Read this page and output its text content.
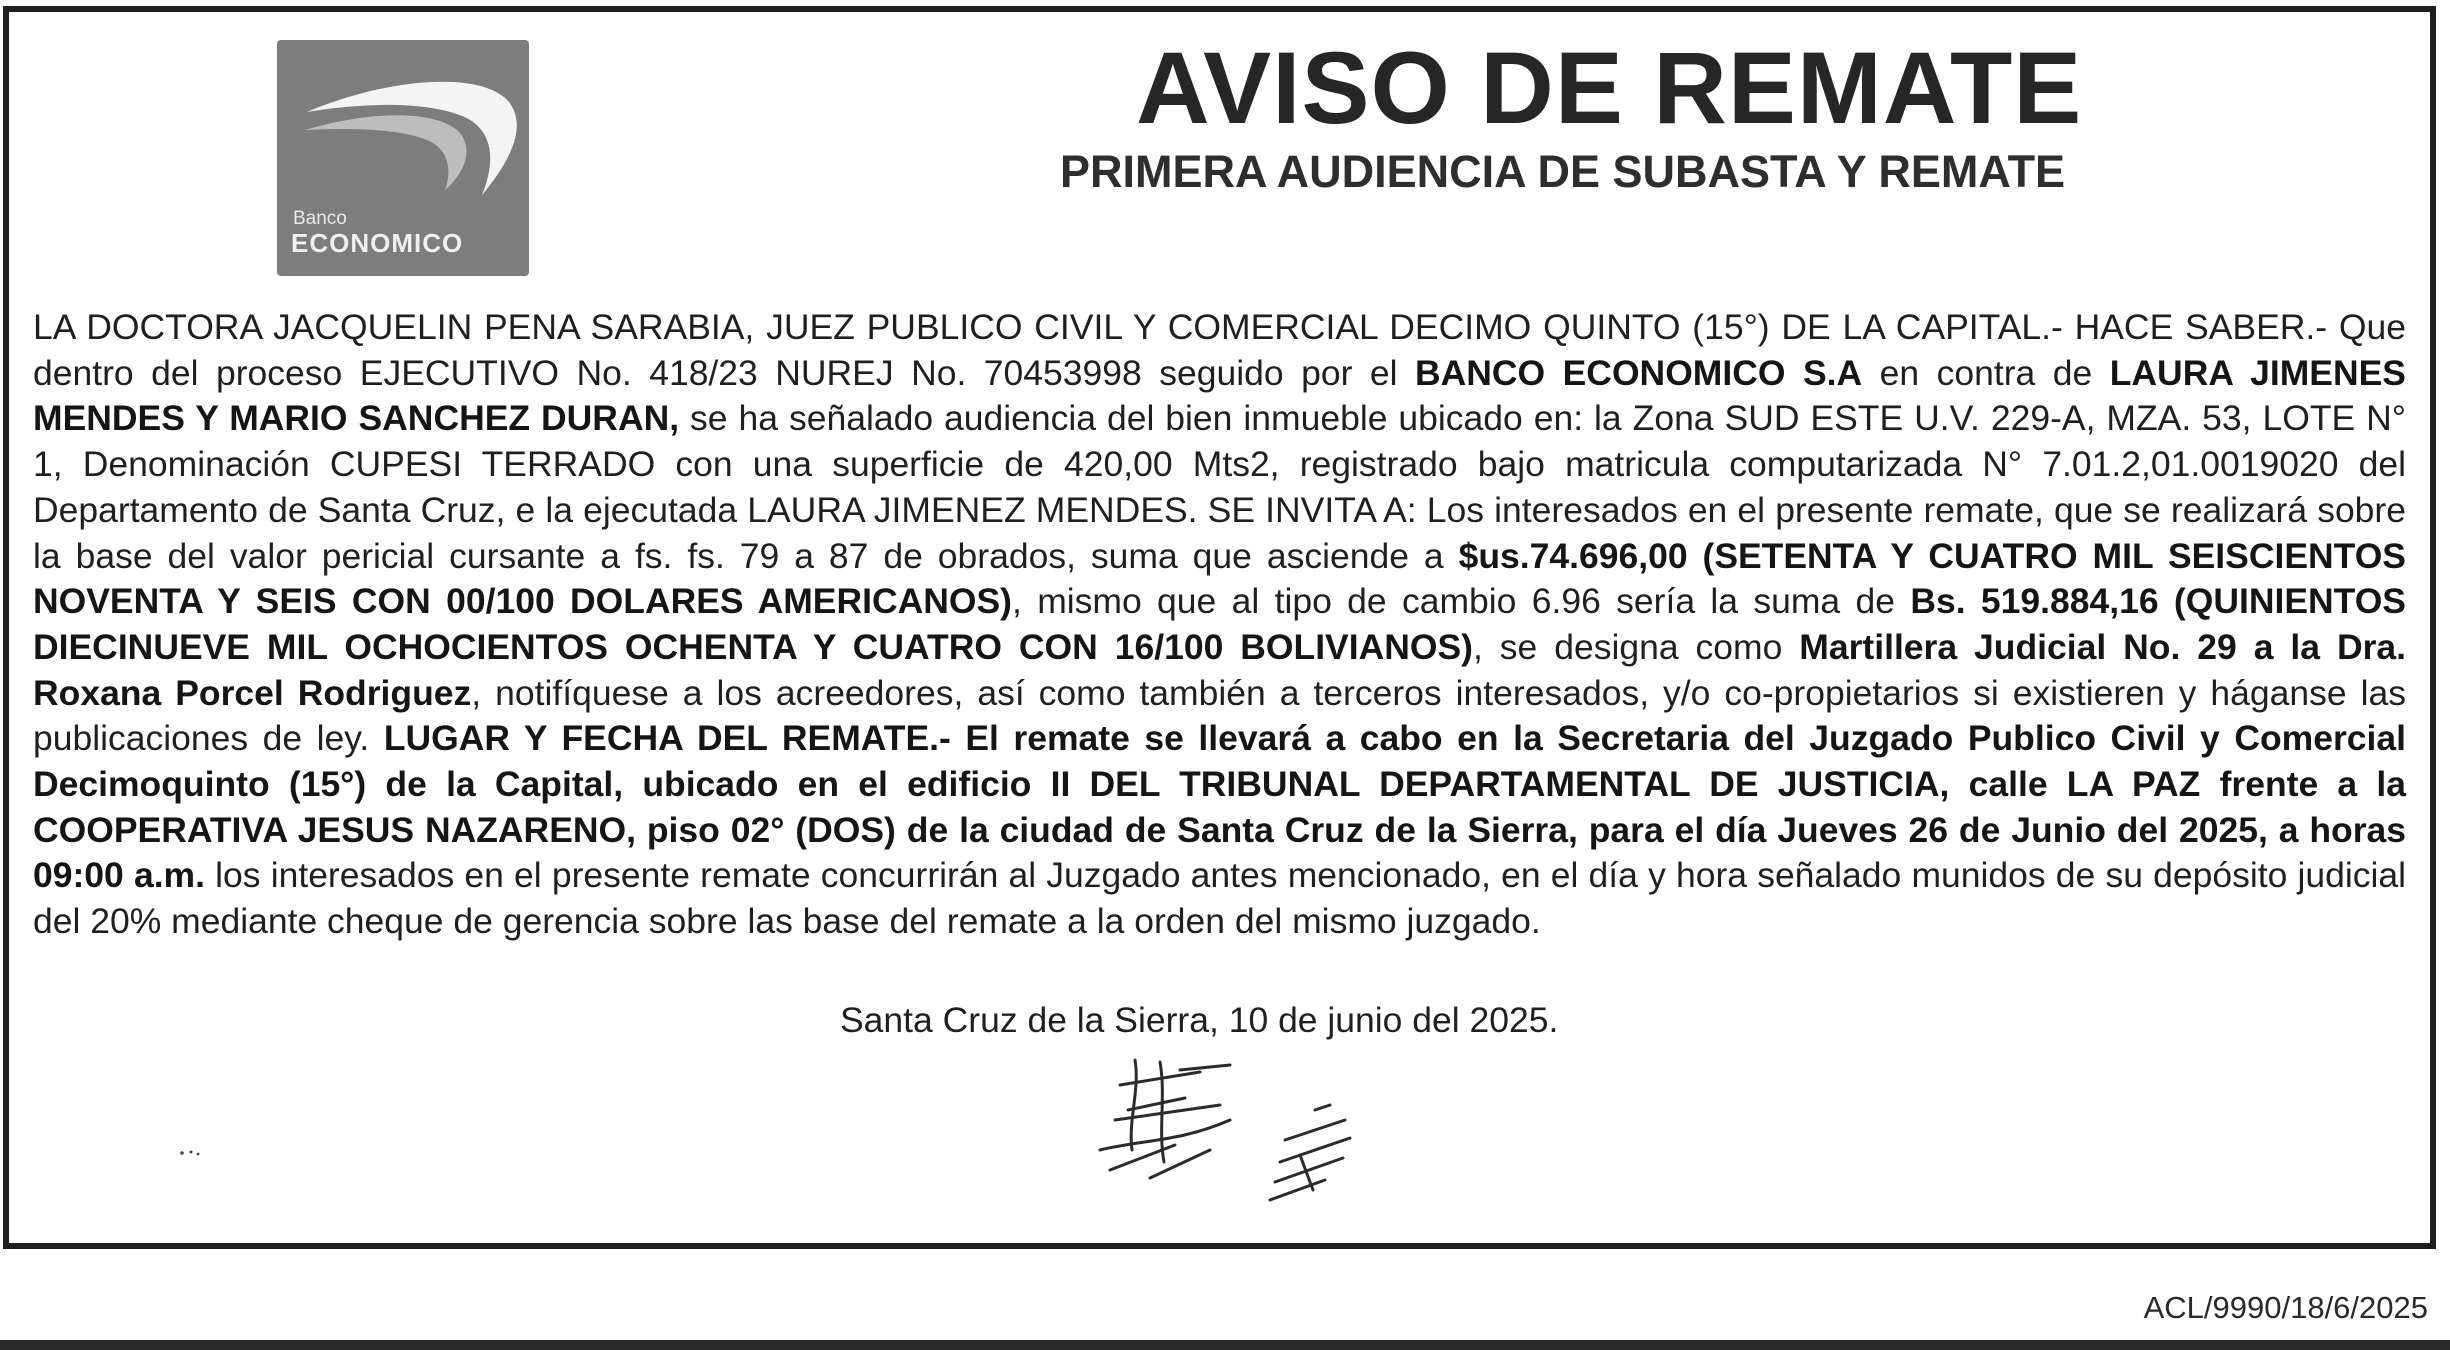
Banco
ECONOMICO
AVISO DE REMATE
PRIMERA AUDIENCIA DE SUBASTA Y REMATE

LA DOCTORA JACQUELIN PENA SARABIA, JUEZ PUBLICO CIVIL Y COMERCIAL DECIMO QUINTO (15°) DE LA CAPITAL.- HACE SABER.- Que dentro del proceso EJECUTIVO No. 418/23 NUREJ No. 70453998 seguido por el BANCO ECONOMICO S.A en contra de LAURA JIMENES MENDES Y MARIO SANCHEZ DURAN, se ha señalado audiencia del bien inmueble ubicado en: la Zona SUD ESTE U.V. 229-A, MZA. 53, LOTE N° 1, Denominación CUPESI TERRADO con una superficie de 420,00 Mts2, registrado bajo matricula computarizada N° 7.01.2,01.0019020 del Departamento de Santa Cruz, e la ejecutada LAURA JIMENEZ MENDES. SE INVITA A: Los interesados en el presente remate, que se realizará sobre la base del valor pericial cursante a fs. fs. 79 a 87 de obrados, suma que asciende a $us.74.696,00 (SETENTA Y CUATRO MIL SEISCIENTOS NOVENTA Y SEIS CON 00/100 DOLARES AMERICANOS), mismo que al tipo de cambio 6.96 sería la suma de Bs. 519.884,16 (QUINIENTOS DIECINUEVE MIL OCHOCIENTOS OCHENTA Y CUATRO CON 16/100 BOLIVIANOS), se designa como Martillera Judicial No. 29 a la Dra. Roxana Porcel Rodriguez, notifíquese a los acreedores, así como también a terceros interesados, y/o co-propietarios si existieren y háganse las publicaciones de ley. LUGAR Y FECHA DEL REMATE.- El remate se llevará a cabo en la Secretaria del Juzgado Publico Civil y Comercial Decimoquinto (15°) de la Capital, ubicado en el edificio II DEL TRIBUNAL DEPARTAMENTAL DE JUSTICIA, calle LA PAZ frente a la COOPERATIVA JESUS NAZARENO, piso 02° (DOS) de la ciudad de Santa Cruz de la Sierra, para el día Jueves 26 de Junio del 2025, a horas 09:00 a.m. los interesados en el presente remate concurrirán al Juzgado antes mencionado, en el día y hora señalado munidos de su depósito judicial del 20% mediante cheque de gerencia sobre las base del remate a la orden del mismo juzgado.

Santa Cruz de la Sierra, 10 de junio del 2025.
ACL/9990/18/6/2025
